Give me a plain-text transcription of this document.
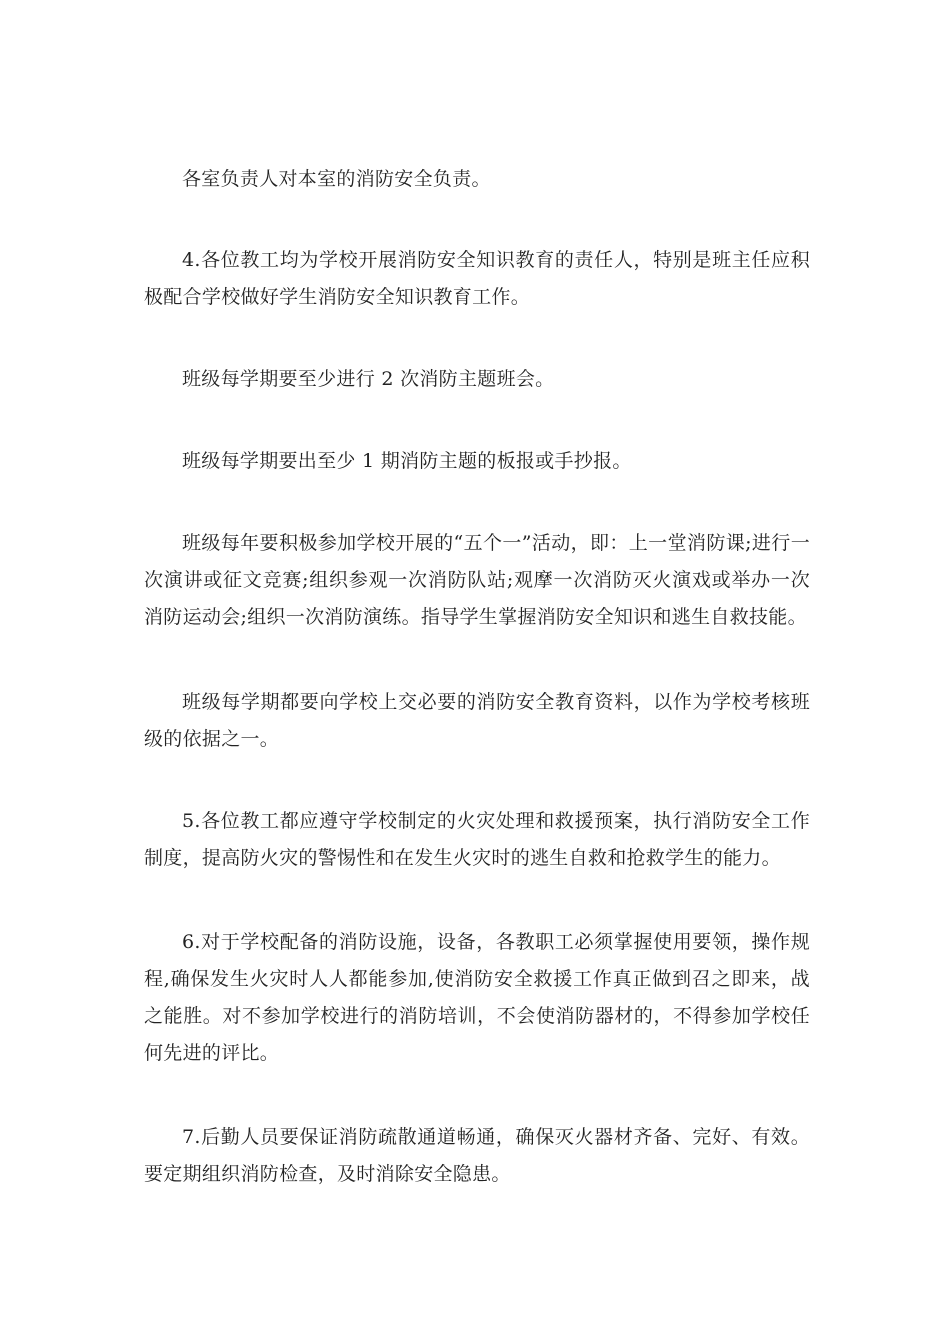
各室负责人对本室的消防安全负责。

4.各位教工均为学校开展消防安全知识教育的责任人，特别是班主任应积极配合学校做好学生消防安全知识教育工作。

班级每学期要至少进行 2 次消防主题班会。

班级每学期要出至少 1 期消防主题的板报或手抄报。

班级每年要积极参加学校开展的“五个一”活动，即：上一堂消防课;进行一次演讲或征文竞赛;组织参观一次消防队站;观摩一次消防灭火演戏或举办一次消防运动会;组织一次消防演练。指导学生掌握消防安全知识和逃生自救技能。

班级每学期都要向学校上交必要的消防安全教育资料，以作为学校考核班级的依据之一。

5.各位教工都应遵守学校制定的火灾处理和救援预案，执行消防安全工作制度，提高防火灾的警惕性和在发生火灾时的逃生自救和抢救学生的能力。

6.对于学校配备的消防设施，设备，各教职工必须掌握使用要领，操作规程,确保发生火灾时人人都能参加,使消防安全救援工作真正做到召之即来，战之能胜。对不参加学校进行的消防培训，不会使消防器材的，不得参加学校任何先进的评比。

7.后勤人员要保证消防疏散通道畅通，确保灭火器材齐备、完好、有效。要定期组织消防检查，及时消除安全隐患。
